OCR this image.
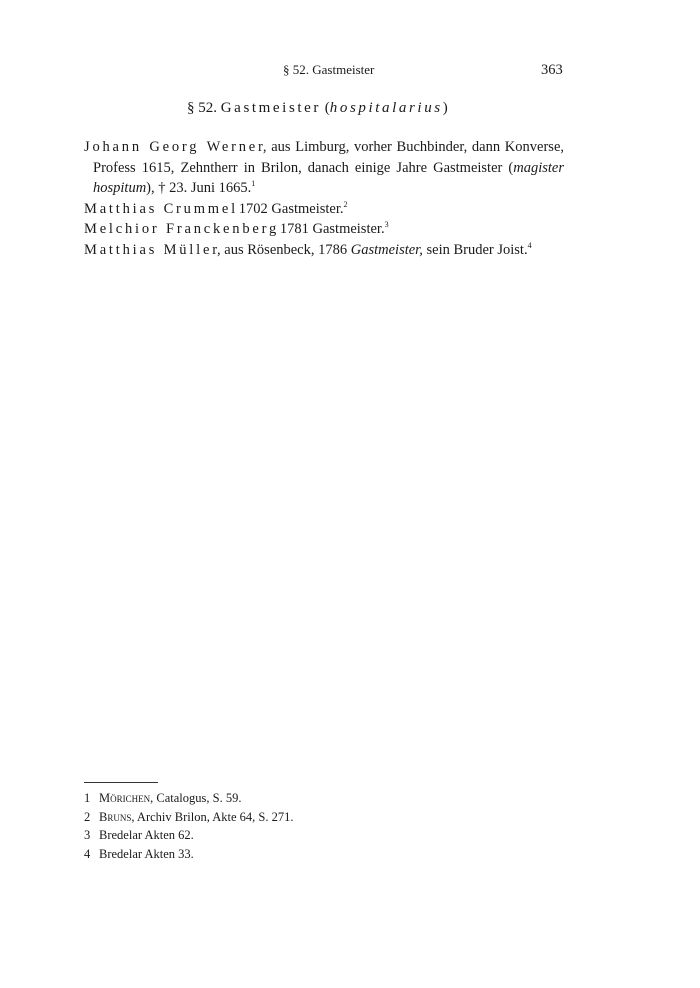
§ 52. Gastmeister	363
§ 52. Gastmeister (hospitalarius)

Johann Georg Werner, aus Limburg, vorher Buchbinder, dann Konverse, Profess 1615, Zehntherr in Brilon, danach einige Jahre Gastmeister (magister hospitum), † 23. Juni 1665.$^1$

Matthias Crummel 1702 Gastmeister.$^2$

Melchior Franckenberg 1781 Gastmeister.$^3$

Matthias Müller, aus Rösenbeck, 1786 Gastmeister, sein Bruder Joist.$^4$

1 Mörichen, Catalogus, S. 59.
2 Bruns, Archiv Brilon, Akte 64, S. 271.
3 Bredelar Akten 62.
4 Bredelar Akten 33.
